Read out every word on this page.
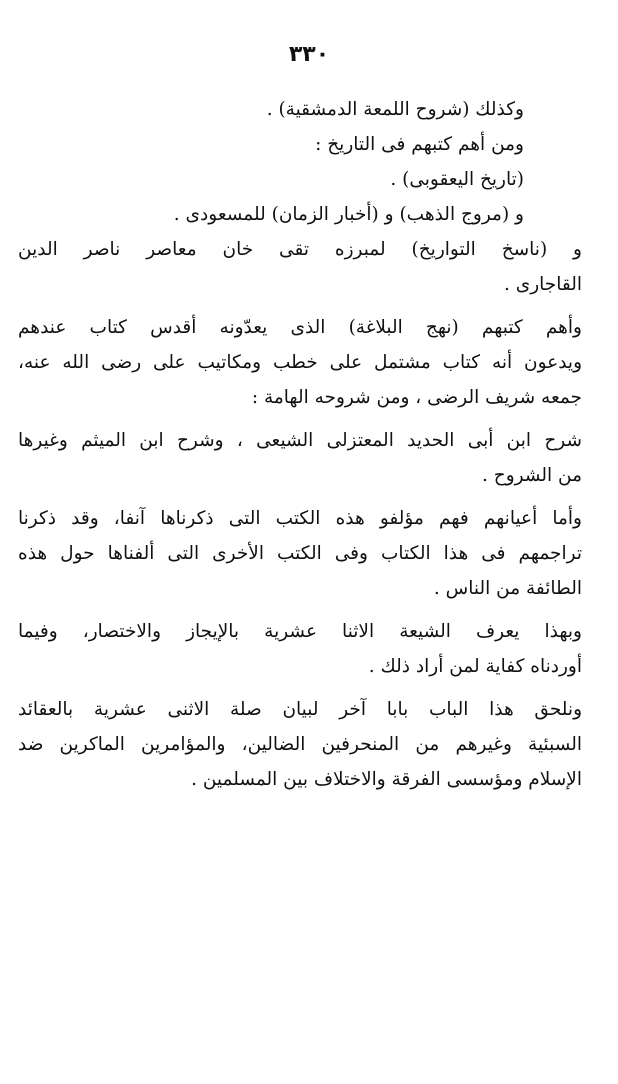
٣٣٠
وكذلك (شروح اللمعة الدمشقية) .
ومن أهم كتبهم فى التاريخ :
(تاريخ اليعقوبى) .
و (مروج الذهب) و (أخبار الزمان) للمسعودى .
و (ناسخ التواريخ) لمبرزه تقى خان معاصر ناصر الدين
القاجارى .
وأهم كتبهم (نهج البلاغة) الذى يعدّونه أقدس كتاب عندهم
ويدعون أنه كتاب مشتمل على خطب ومكاتيب على رضى الله عنه،
جمعه شريف الرضى ، ومن شروحه الهامة :
شرح ابن أبى الحديد المعتزلى الشيعى ، وشرح ابن الميثم وغيرها
من الشروح .
وأما أعيانهم فهم مؤلفو هذه الكتب التى ذكرناها آنفا، وقد ذكرنا
تراجمهم فى هذا الكتاب وفى الكتب الأخرى التى ألفناها حول هذه
الطائفة من الناس .
وبهذا يعرف الشيعة الاثنا عشرية بالإيجاز والاختصار، وفيما
أوردناه كفاية لمن أراد ذلك .
ونلحق هذا الباب بابا آخر لبيان صلة الاثنى عشرية بالعقائد
السبئية وغيرهم من المنحرفين الضالين، والمؤامرين الماكرين ضد
الإسلام ومؤسسى الفرقة والاختلاف بين المسلمين .
